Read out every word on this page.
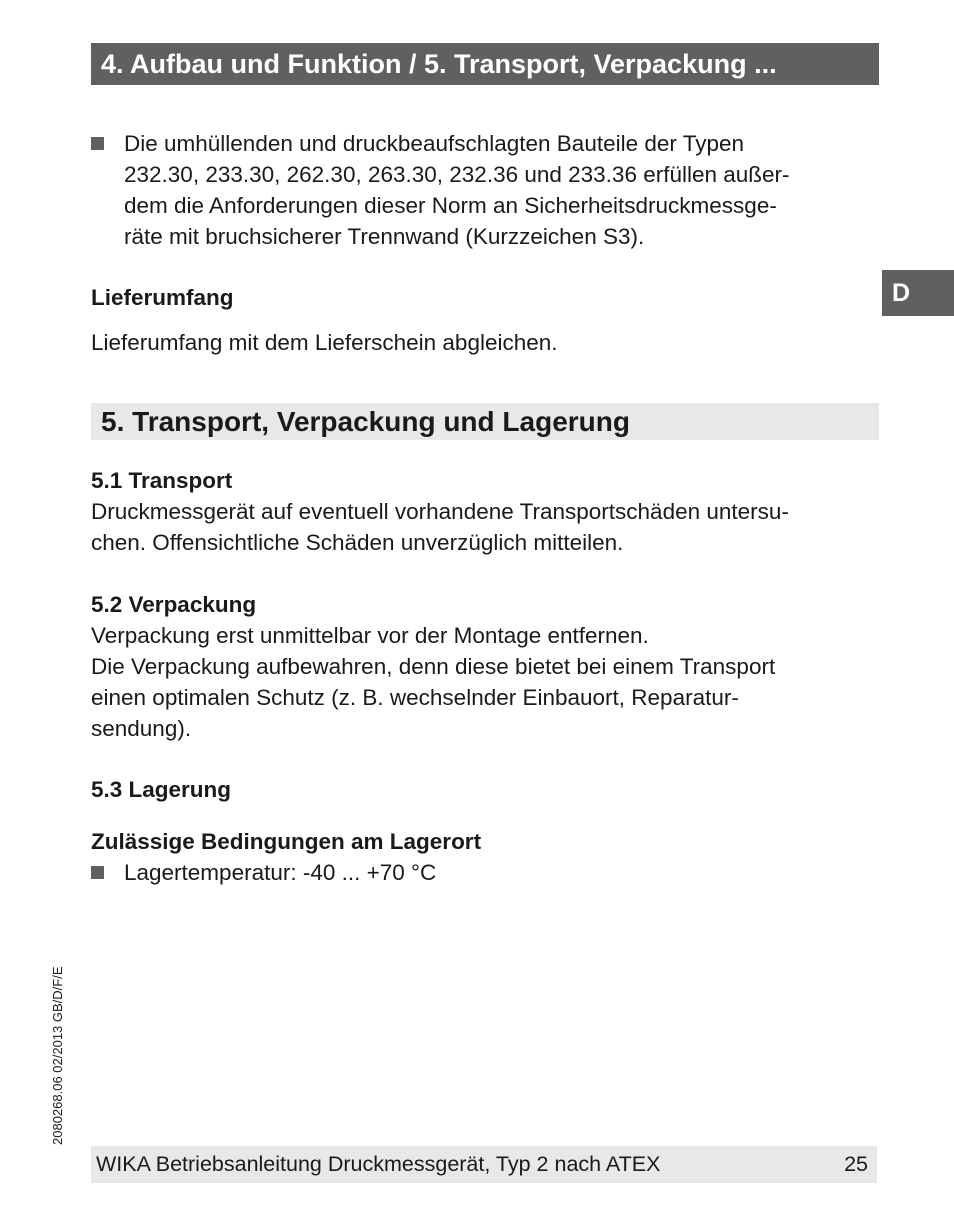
4. Aufbau und Funktion / 5. Transport, Verpackung ...
D
Die umhüllenden und druckbeaufschlagten Bauteile der Typen
232.30, 233.30, 262.30, 263.30, 232.36 und 233.36 erfüllen außer-
dem die Anforderungen dieser Norm an Sicherheitsdruckmessge-
räte mit bruchsicherer Trennwand (Kurzzeichen S3).
Lieferumfang
Lieferumfang mit dem Lieferschein abgleichen.
5. Transport, Verpackung und Lagerung
5.1 Transport
Druckmessgerät auf eventuell vorhandene Transportschäden untersu-
chen. Offensichtliche Schäden unverzüglich mitteilen.
5.2 Verpackung
Verpackung erst unmittelbar vor der Montage entfernen.
Die Verpackung aufbewahren, denn diese bietet bei einem Transport
einen optimalen Schutz (z. B. wechselnder Einbauort, Reparatur-
sendung).
5.3 Lagerung
Zulässige Bedingungen am Lagerort
Lagertemperatur: -40 ... +70 °C
2080268.06 02/2013 GB/D/F/E
WIKA Betriebsanleitung Druckmessgerät, Typ 2 nach ATEX	25
